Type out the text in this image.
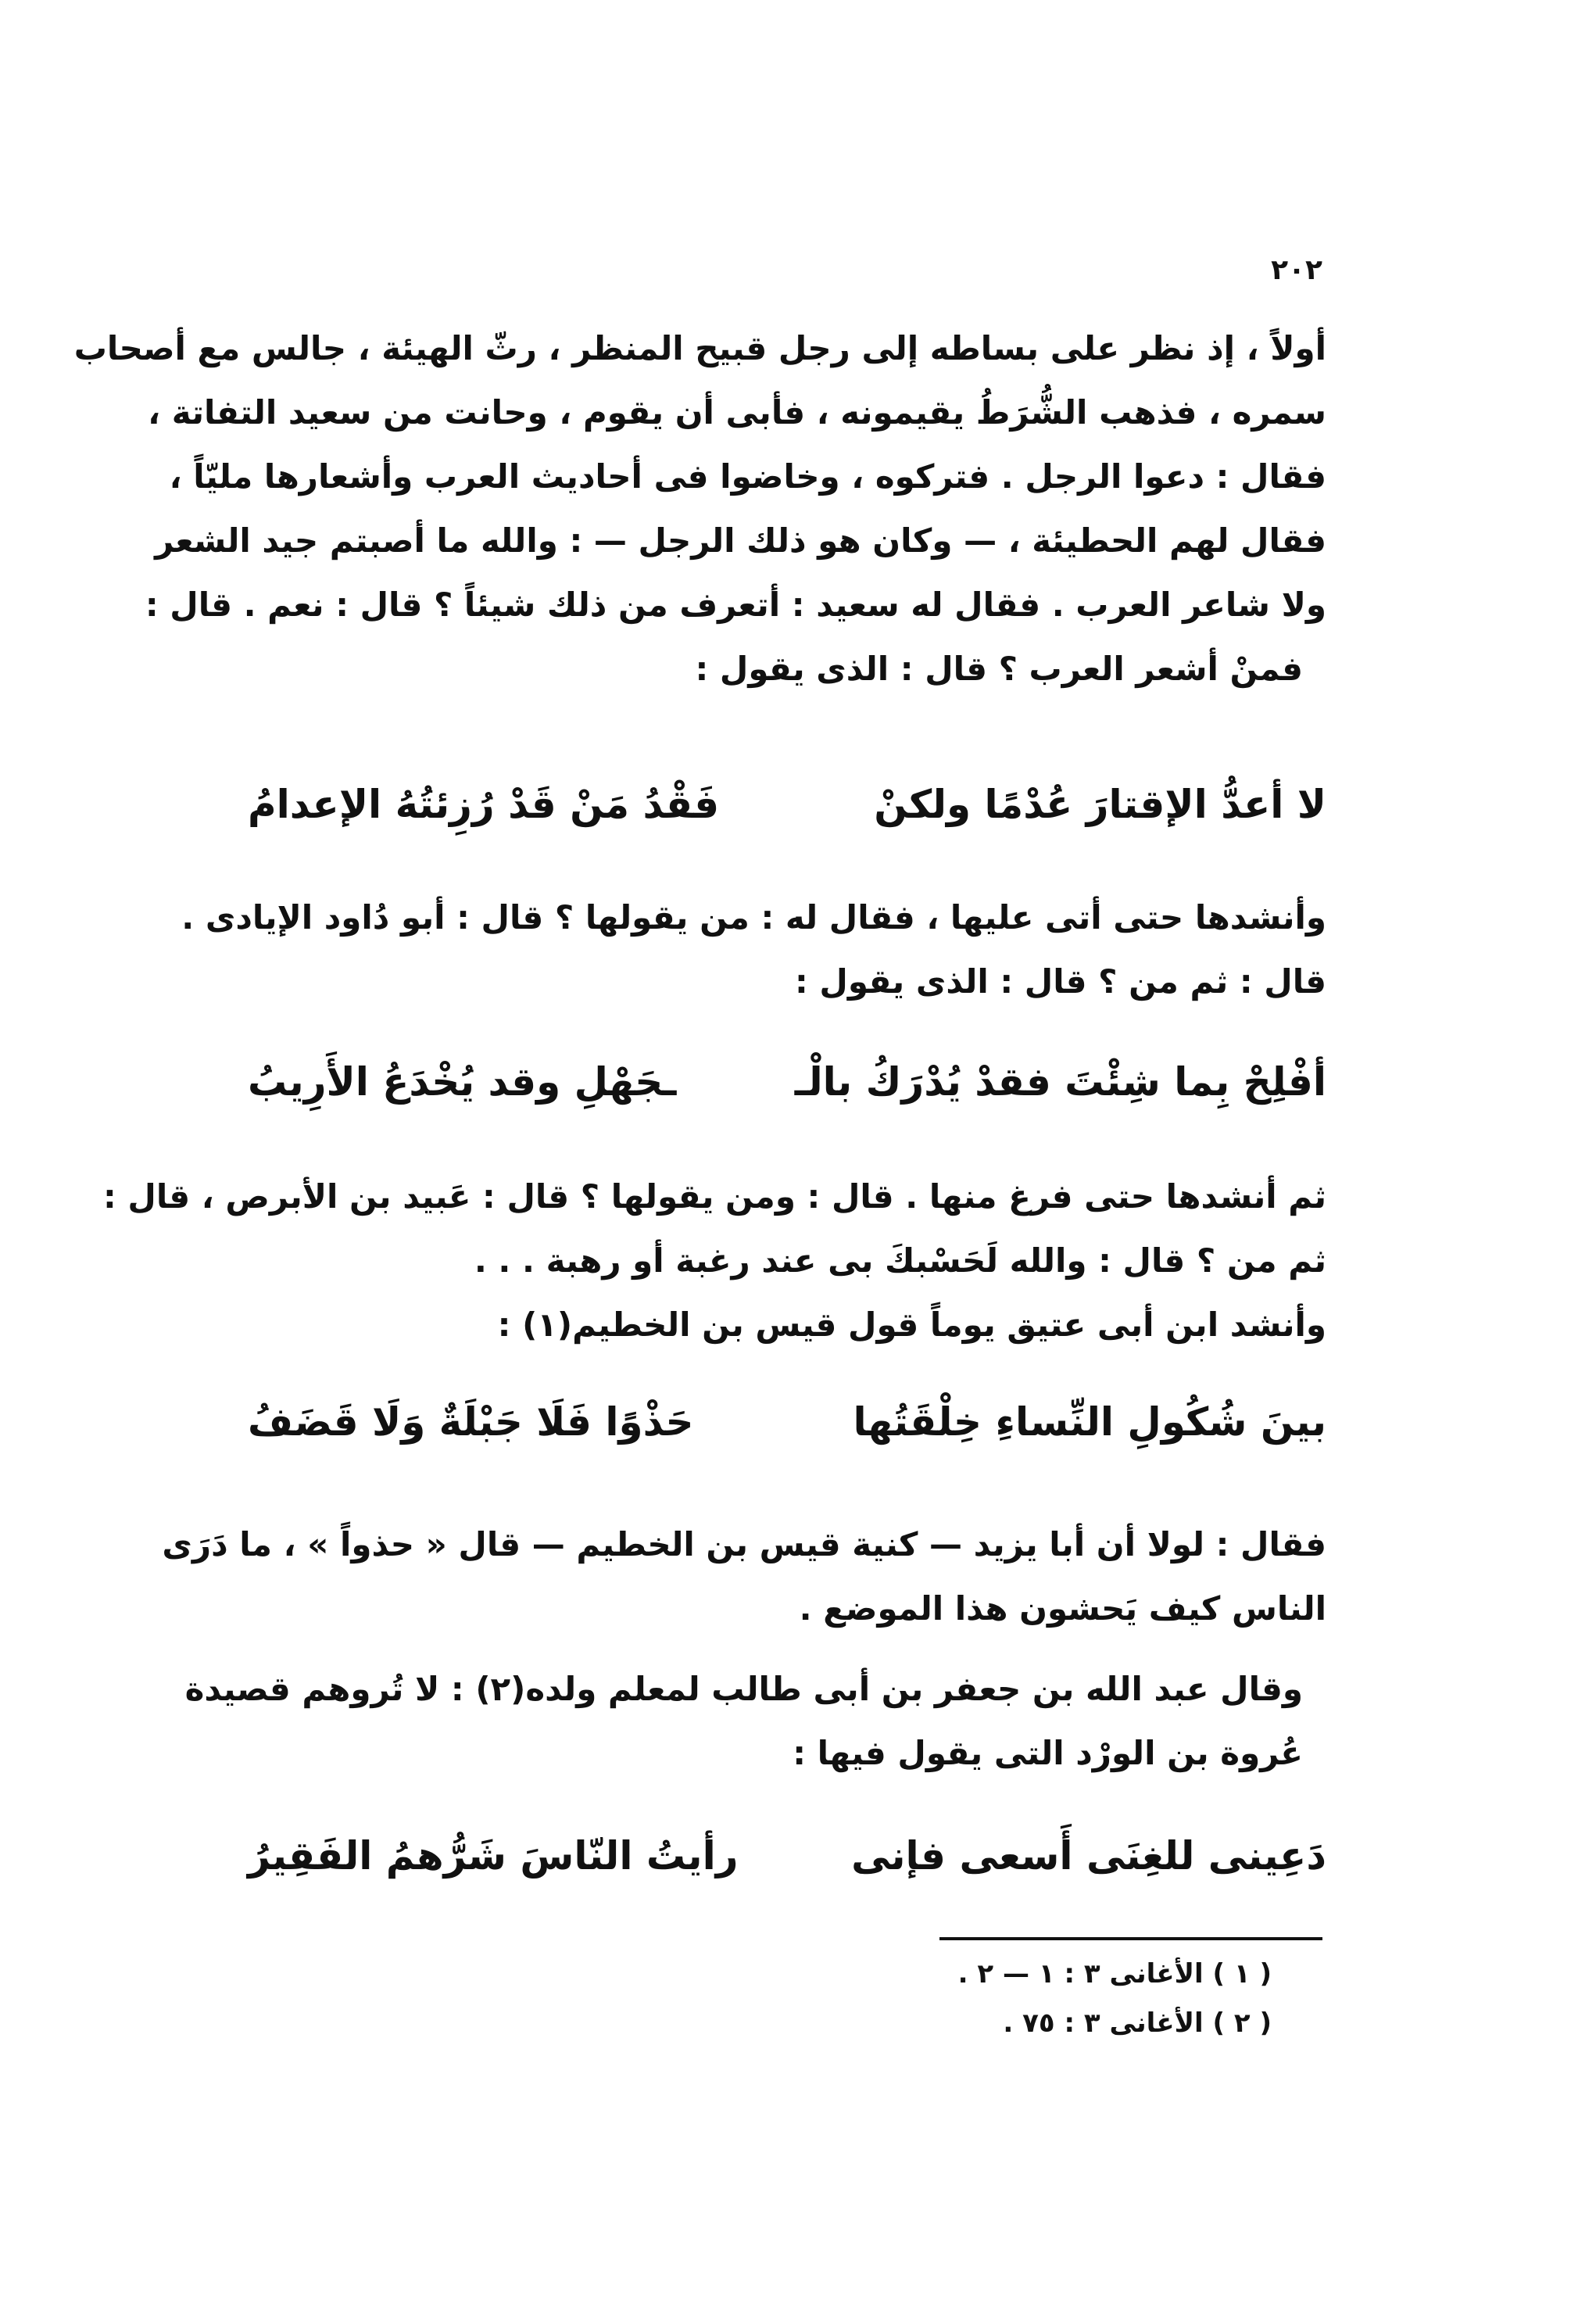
٢٠٢
أولاً ، إذ نظر على بساطه إلى رجل قبيح المنظر ، رثّ الهيئة ، جالس مع أصحاب
سمره ، فذهب الشُّرَطُ يقيمونه ، فأبى أن يقوم ، وحانت من سعيد التفاتة ،
فقال : دعوا الرجل . فتركوه ، وخاضوا فى أحاديث العرب وأشعارها مليّاً ،
فقال لهم الحطيئة ، — وكان هو ذلك الرجل — : والله ما أصبتم جيد الشعر
ولا شاعر العرب . فقال له سعيد : أتعرف من ذلك شيئاً ؟ قال : نعم . قال :
فمنْ أشعر العرب ؟ قال : الذى يقول :
لا أعدُّ الإقتارَ عُدْمًا ولكنْ
فَقْدُ مَنْ قَدْ رُزِئتُهُ الإعدامُ
وأنشدها حتى أتى عليها ، فقال له : من يقولها ؟ قال : أبو دُاود الإيادى .
قال : ثم من ؟ قال : الذى يقول :
أفْلِحْ بِما شِئْتَ فقدْ يُدْرَكُ بالْـ
ـجَهْلِ وقد يُخْدَعُ الأَرِيبُ
ثم أنشدها حتى فرغ منها . قال : ومن يقولها ؟ قال : عَبيد بن الأبرص ، قال :
ثم من ؟ قال : والله لَحَسْبكَ بى عند رغبة أو رهبة . . .
وأنشد ابن أبى عتيق يوماً قول قيس بن الخطيم(١) :
بينَ شُكُولِ النِّساءِ خِلْقَتُها
حَذْوًا فَلَا جَبْلَةٌ وَلَا قَضَفُ
فقال : لولا أن أبا يزيد — كنية قيس بن الخطيم — قال « حذواً » ، ما دَرَى
الناس كيف يَحشون هذا الموضع .
وقال عبد الله بن جعفر بن أبى طالب لمعلم ولده(٢) : لا تُروهم قصيدة
عُروة بن الورْد التى يقول فيها :
دَعِينى للغِنَى أَسعى فإنى
رأيتُ النّاسَ شَرُّهمُ الفَقِيرُ
( ١ ) الأغانى ٣ : ١ — ٢ .
( ٢ ) الأغانى ٣ : ٧٥ .
